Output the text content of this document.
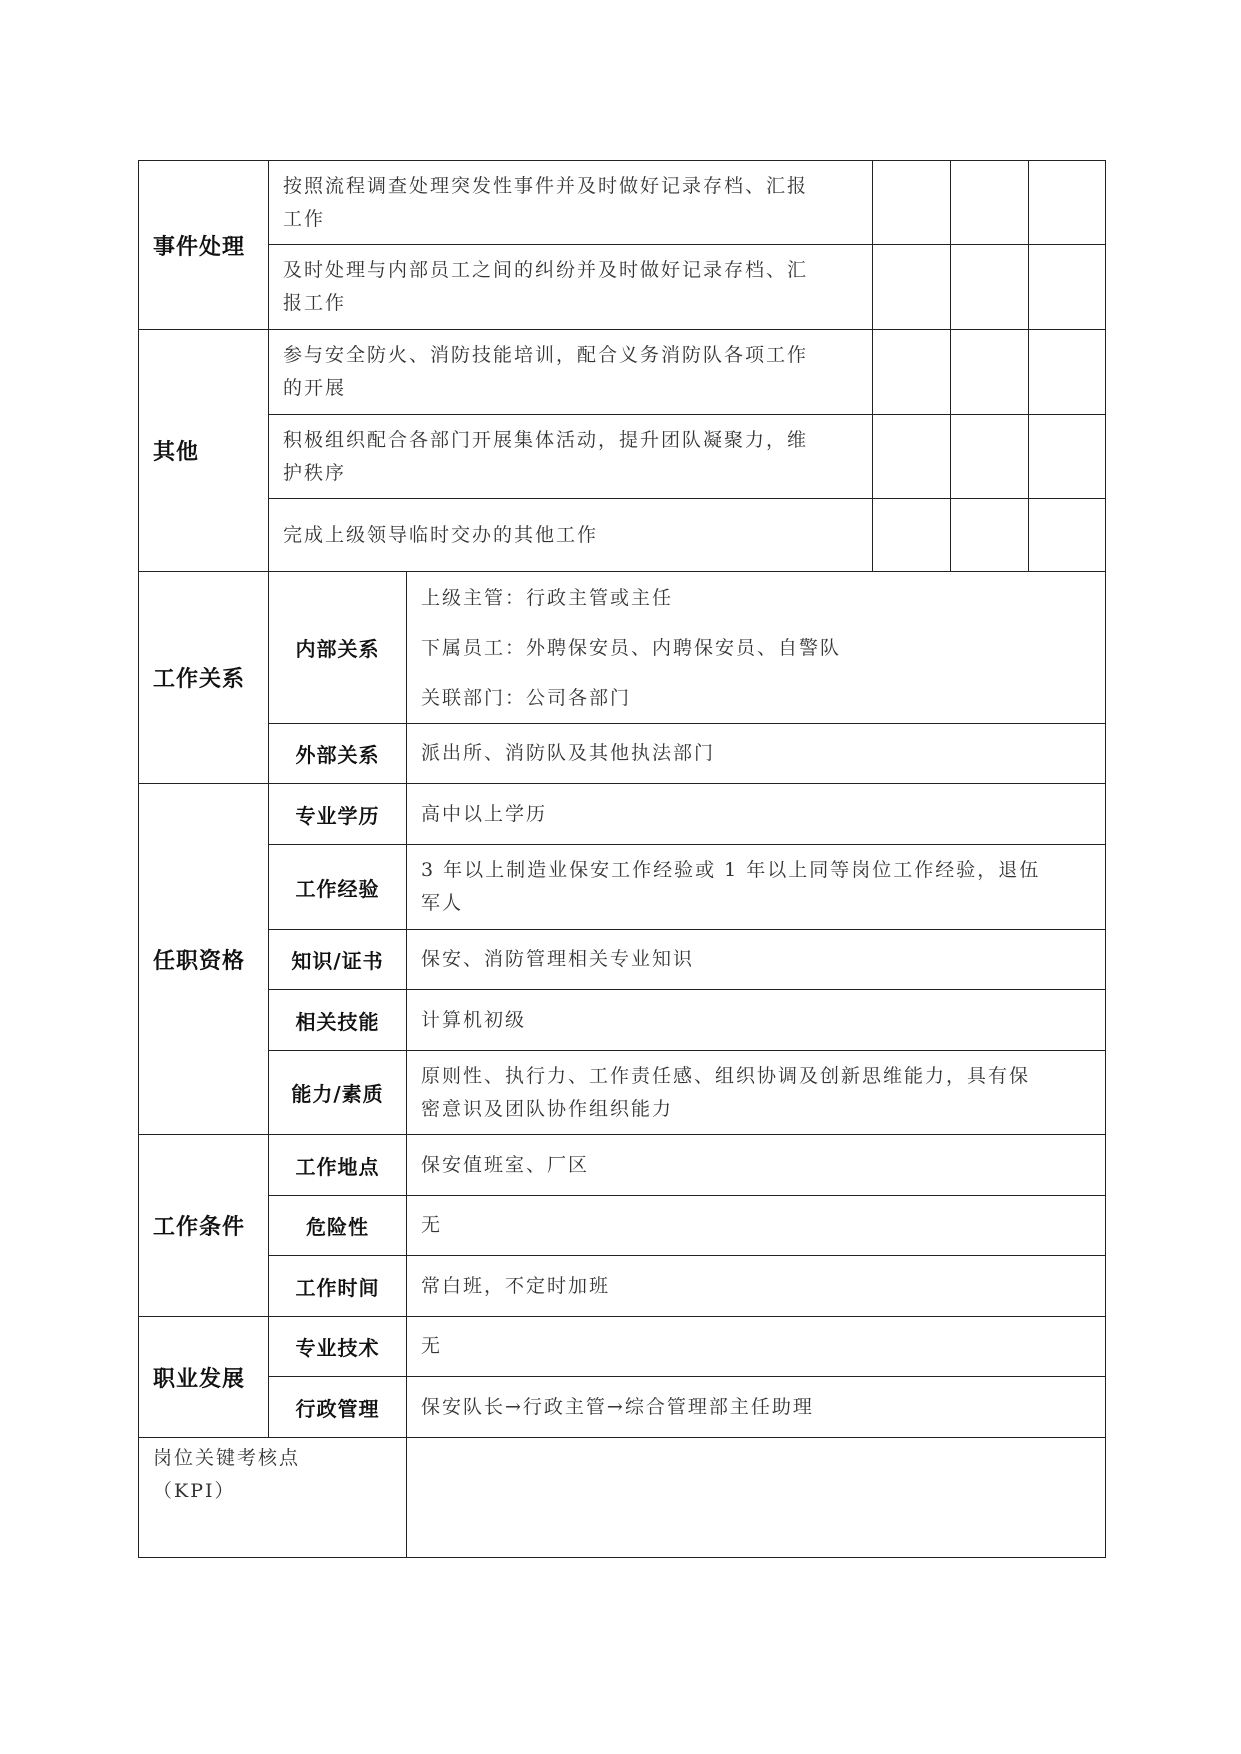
事件处理	按照流程调查处理突发性事件并及时做好记录存档、汇报
工作				

	及时处理与内部员工之间的纠纷并及时做好记录存档、汇
报工作				

其他	参与安全防火、消防技能培训，配合义务消防队各项工作
的开展				

	积极组织配合各部门开展集体活动，提升团队凝聚力，维
护秩序				

	完成上级领导临时交办的其他工作				

工作关系	内部关系	上级主管：行政主管或主任
下属员工：外聘保安员、内聘保安员、自警队
关联部门：公司各部门			

	外部关系	派出所、消防队及其他执法部门			
任职资格	专业学历	高中以上学历			

	工作经验	3 年以上制造业保安工作经验或 1 年以上同等岗位工作经验，退伍
军人			

	知识/证书	保安、消防管理相关专业知识			

	相关技能	计算机初级			

	能力/素质	原则性、执行力、工作责任感、组织协调及创新思维能力，具有保
密意识及团队协作组织能力			

工作条件	工作地点	保安值班室、厂区			
	危险性	无			
	工作时间	常白班，不定时加班			
职业发展	专业技术	无			
	行政管理	保安队长→行政主管→综合管理部主任助理			

岗位关键考核点
（KPI）					
